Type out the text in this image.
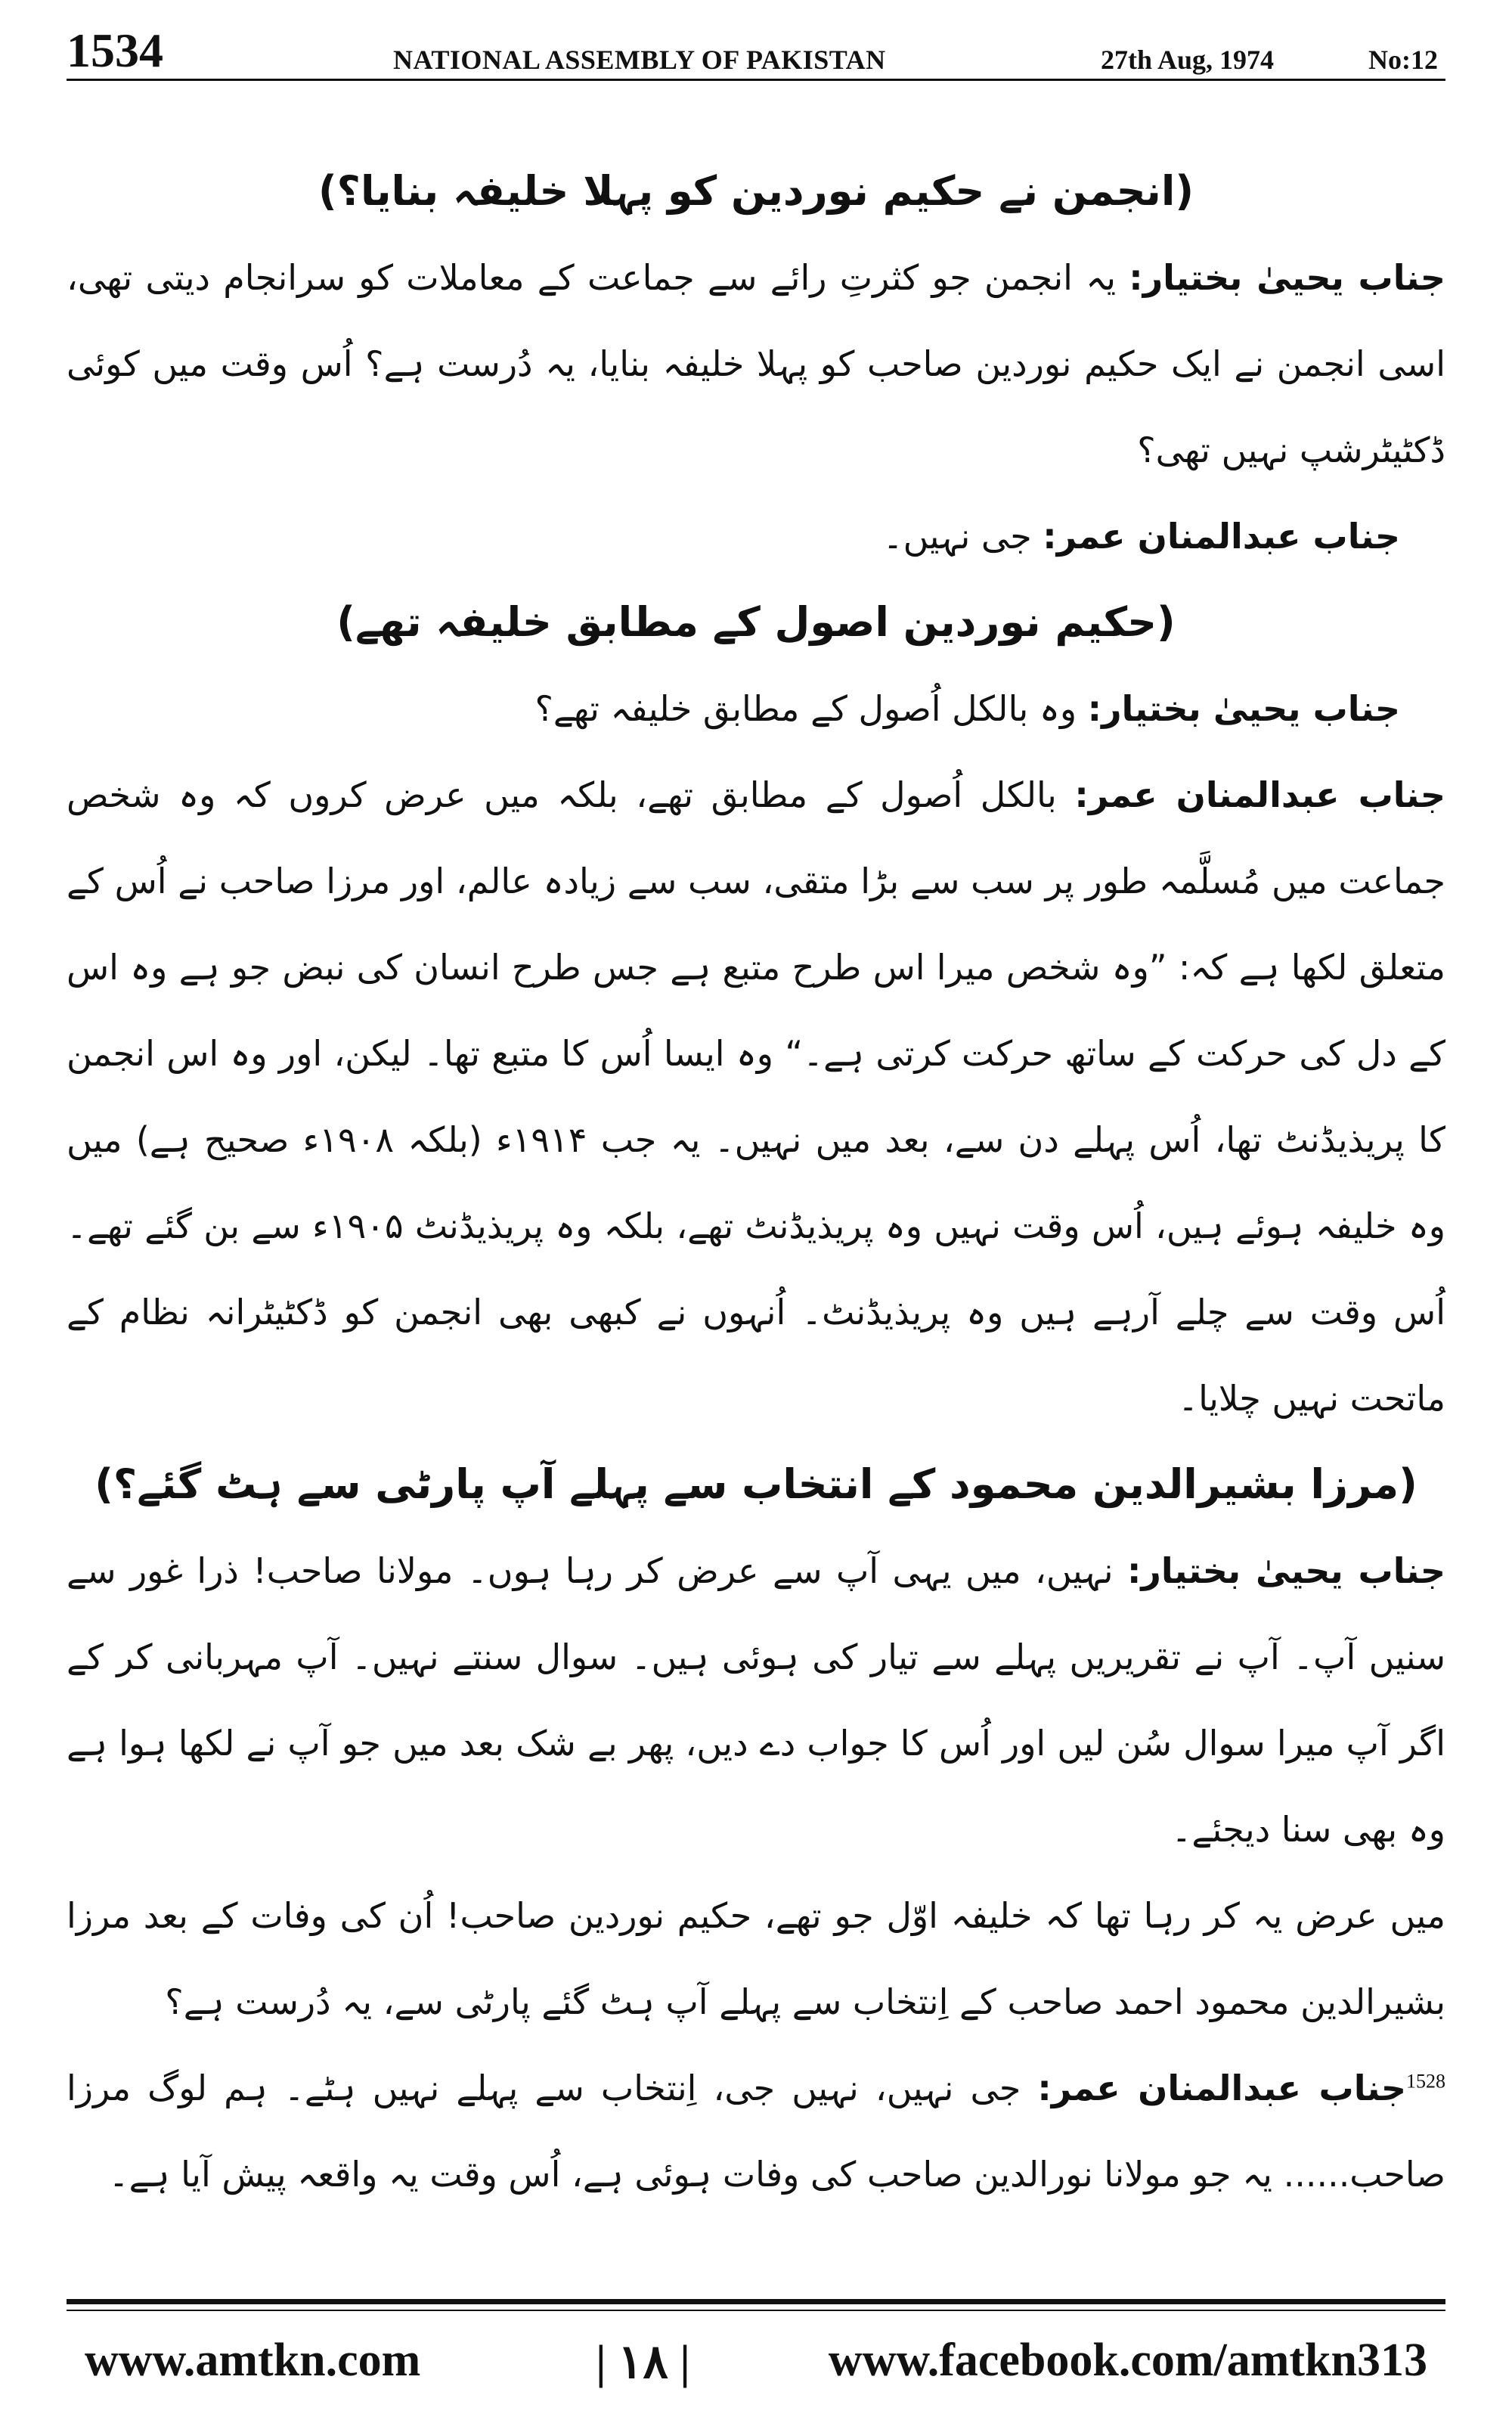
1534	NATIONAL ASSEMBLY OF PAKISTAN	27th Aug, 1974	No:12

(انجمن نے حکیم نوردین کو پہلا خلیفہ بنایا؟)

جناب یحییٰ بختیار: یہ انجمن جو کثرتِ رائے سے جماعت کے معاملات کو سرانجام دیتی تھی، اسی انجمن نے ایک حکیم نوردین صاحب کو پہلا خلیفہ بنایا، یہ دُرست ہے؟ اُس وقت میں کوئی ڈکٹیٹرشپ نہیں تھی؟

جناب عبدالمنان عمر: جی نہیں۔

(حکیم نوردین اصول کے مطابق خلیفہ تھے)

جناب یحییٰ بختیار: وہ بالکل اُصول کے مطابق خلیفہ تھے؟

جناب عبدالمنان عمر: بالکل اُصول کے مطابق تھے، بلکہ میں عرض کروں کہ وہ شخص جماعت میں مُسلَّمہ طور پر سب سے بڑا متقی، سب سے زیادہ عالم، اور مرزا صاحب نے اُس کے متعلق لکھا ہے کہ: ”وہ شخص میرا اس طرح متبع ہے جس طرح انسان کی نبض جو ہے وہ اس کے دل کی حرکت کے ساتھ حرکت کرتی ہے۔“ وہ ایسا اُس کا متبع تھا۔ لیکن، اور وہ اس انجمن کا پریذیڈنٹ تھا، اُس پہلے دن سے، بعد میں نہیں۔ یہ جب ۱۹۱۴ء (بلکہ ۱۹۰۸ء صحیح ہے) میں وہ خلیفہ ہوئے ہیں، اُس وقت نہیں وہ پریذیڈنٹ تھے، بلکہ وہ پریذیڈنٹ ۱۹۰۵ء سے بن گئے تھے۔ اُس وقت سے چلے آرہے ہیں وہ پریذیڈنٹ۔ اُنہوں نے کبھی بھی انجمن کو ڈکٹیٹرانہ نظام کے ماتحت نہیں چلایا۔

(مرزا بشیرالدین محمود کے انتخاب سے پہلے آپ پارٹی سے ہٹ گئے؟)

جناب یحییٰ بختیار: نہیں، میں یہی آپ سے عرض کر رہا ہوں۔ مولانا صاحب! ذرا غور سے سنیں آپ۔ آپ نے تقریریں پہلے سے تیار کی ہوئی ہیں۔ سوال سنتے نہیں۔ آپ مہربانی کر کے اگر آپ میرا سوال سُن لیں اور اُس کا جواب دے دیں، پھر بے شک بعد میں جو آپ نے لکھا ہوا ہے وہ بھی سنا دیجئے۔

میں عرض یہ کر رہا تھا کہ خلیفہ اوّل جو تھے، حکیم نوردین صاحب! اُن کی وفات کے بعد مرزا بشیرالدین محمود احمد صاحب کے اِنتخاب سے پہلے آپ ہٹ گئے پارٹی سے، یہ دُرست ہے؟

$^{1528}$جناب عبدالمنان عمر: جی نہیں، نہیں جی، اِنتخاب سے پہلے نہیں ہٹے۔ ہم لوگ مرزا صاحب...... یہ جو مولانا نورالدین صاحب کی وفات ہوئی ہے، اُس وقت یہ واقعہ پیش آیا ہے۔

www.amtkn.com	| ۱۸ |	www.facebook.com/amtkn313
